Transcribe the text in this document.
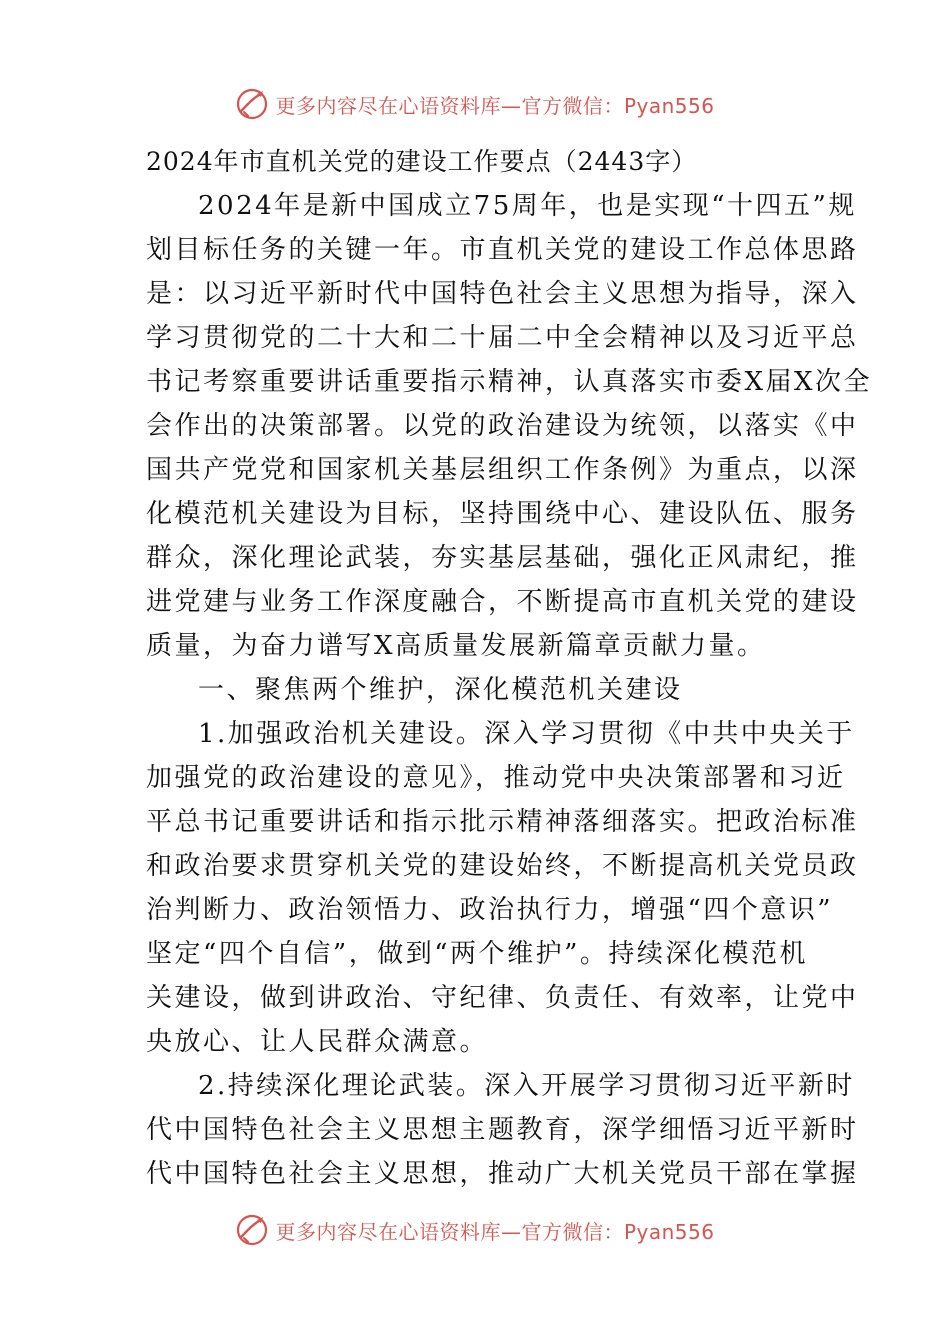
更多内容尽在心语资料库—官方微信：Pyan556
2024年市直机关党的建设工作要点（2443字）
2024年是新中国成立75周年，也是实现“十四五”规
划目标任务的关键一年。市直机关党的建设工作总体思路
是：以习近平新时代中国特色社会主义思想为指导，深入
学习贯彻党的二十大和二十届二中全会精神以及习近平总
书记考察重要讲话重要指示精神，认真落实市委X届X次全
会作出的决策部署。以党的政治建设为统领，以落实《中
国共产党党和国家机关基层组织工作条例》为重点，以深
化模范机关建设为目标，坚持围绕中心、建设队伍、服务
群众，深化理论武装，夯实基层基础，强化正风肃纪，推
进党建与业务工作深度融合，不断提高市直机关党的建设
质量，为奋力谱写X高质量发展新篇章贡献力量。
一、聚焦两个维护，深化模范机关建设
1.加强政治机关建设。深入学习贯彻《中共中央关于
加强党的政治建设的意见》，推动党中央决策部署和习近
平总书记重要讲话和指示批示精神落细落实。把政治标准
和政治要求贯穿机关党的建设始终，不断提高机关党员政
治判断力、政治领悟力、政治执行力，增强“四个意识”
坚定“四个自信”，做到“两个维护”。持续深化模范机
关建设，做到讲政治、守纪律、负责任、有效率，让党中
央放心、让人民群众满意。
2.持续深化理论武装。深入开展学习贯彻习近平新时
代中国特色社会主义思想主题教育，深学细悟习近平新时
代中国特色社会主义思想，推动广大机关党员干部在掌握
更多内容尽在心语资料库—官方微信：Pyan556
